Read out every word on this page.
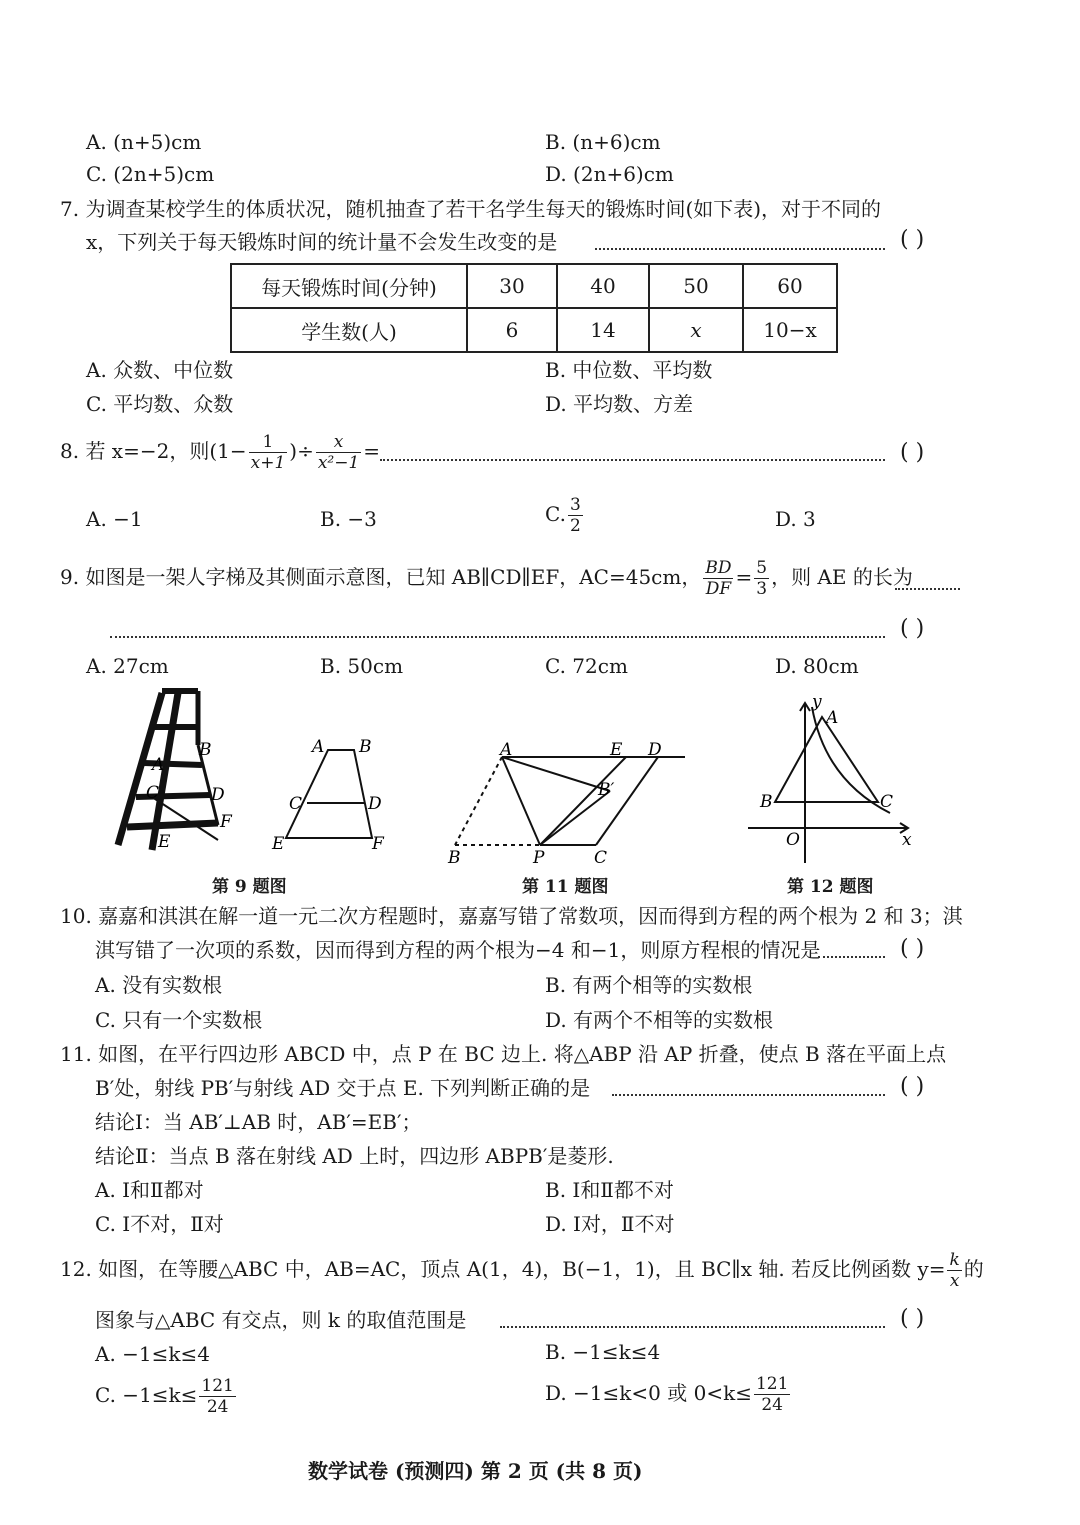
A. (n+5)cm	B. (n+6)cm
C. (2n+5)cm	D. (2n+6)cm
7. 为调查某校学生的体质状况，随机抽查了若干名学生每天的锻炼时间(如下表)，对于不同的
x，下列关于每天锻炼时间的统计量不会发生改变的是	( )
每天锻炼时间(分钟)	30	40	50	60
学生数(人)	6	14	x	10−x
A. 众数、中位数	B. 中位数、平均数
C. 平均数、众数	D. 平均数、方差
8. 若 x=−2，则($1- \frac{1}{x+1}$ )÷ $\frac{x}{\text{x²−1}}$ =	( )
A. −1	B. −3	C. $\frac{3}{2}$	D. 3
9. 如图是一架人字梯及其侧面示意图，已知 AB∥CD∥EF，AC=45cm， $\frac{BD}{DF} = \frac{5}{3}$ ，则 AE 的长为
( )
A. 27cm	B. 50cm	C. 72cm	D. 80cm
B
A
C	D
E
F
A B
C	D
E	F
A	E D
B′
B	P	C
y
A
B	C
O	x
第 9 题图	第 11 题图	第 12 题图
10. 嘉嘉和淇淇在解一道一元二次方程题时，嘉嘉写错了常数项，因而得到方程的两个根为 2 和 3；淇
淇写错了一次项的系数，因而得到方程的两个根为−4 和−1，则原方程根的情况是	( )
A. 没有实数根	B. 有两个相等的实数根
C. 只有一个实数根	D. 有两个不相等的实数根
11. 如图，在平行四边形 ABCD 中，点 P 在 BC 边上. 将△ABP 沿 AP 折叠，使点 B 落在平面上点
B′处，射线 PB′与射线 AD 交于点 E. 下列判断正确的是	( )
结论Ⅰ：当 AB′⊥AB 时，AB′=EB′；
结论Ⅱ：当点 B 落在射线 AD 上时，四边形 ABPB′是菱形.
A. Ⅰ和Ⅱ都对	B. Ⅰ和Ⅱ都不对
C. Ⅰ不对，Ⅱ对	D. Ⅰ对，Ⅱ不对
12. 如图，在等腰△ABC 中，AB=AC，顶点 A(1，4)，B(−1，1)，且 BC∥x 轴. 若反比例函数 $y= \frac{k}{x}$ 的
图象与△ABC 有交点，则 k 的取值范围是	( )
A. −1≤k≤4	B. −1≤k≤4
C. $-1\le k\le \frac{121}{24}$	D. −1≤k<0 或 $0<k\le \frac{121}{24}$
数学试卷 (预测四) 第 2 页 (共 8 页)
